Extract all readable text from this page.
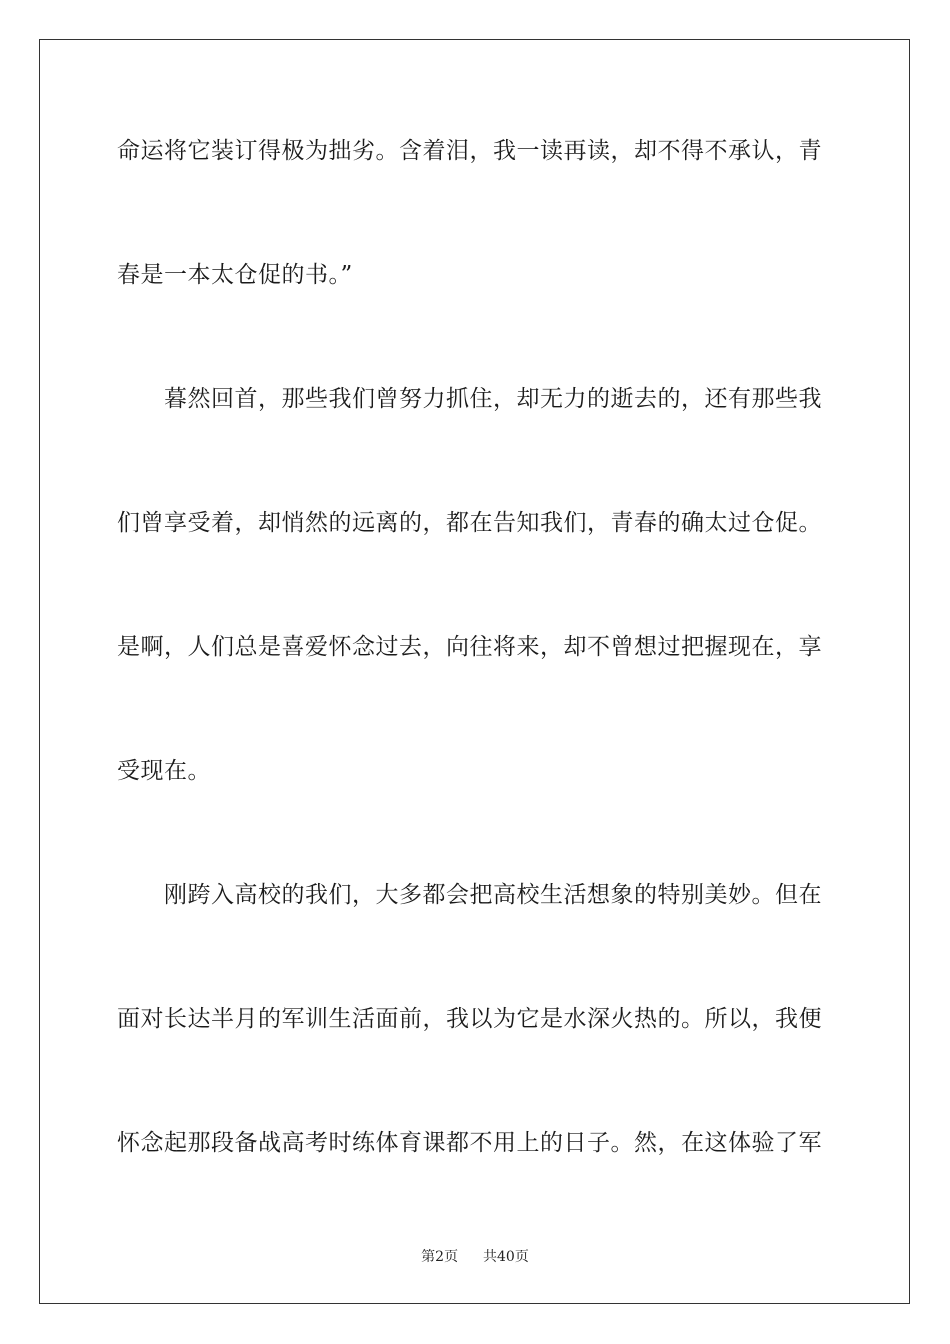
命运将它装订得极为拙劣。含着泪，我一读再读，却不得不承认，青
春是一本太仓促的书。”
　　暮然回首，那些我们曾努力抓住，却无力的逝去的，还有那些我
们曾享受着，却悄然的远离的，都在告知我们，青春的确太过仓促。
是啊，人们总是喜爱怀念过去，向往将来，却不曾想过把握现在，享
受现在。
　　刚跨入高校的我们，大多都会把高校生活想象的特别美妙。但在
面对长达半月的军训生活面前，我以为它是水深火热的。所以，我便
怀念起那段备战高考时练体育课都不用上的日子。然，在这体验了军
第2页 共40页
